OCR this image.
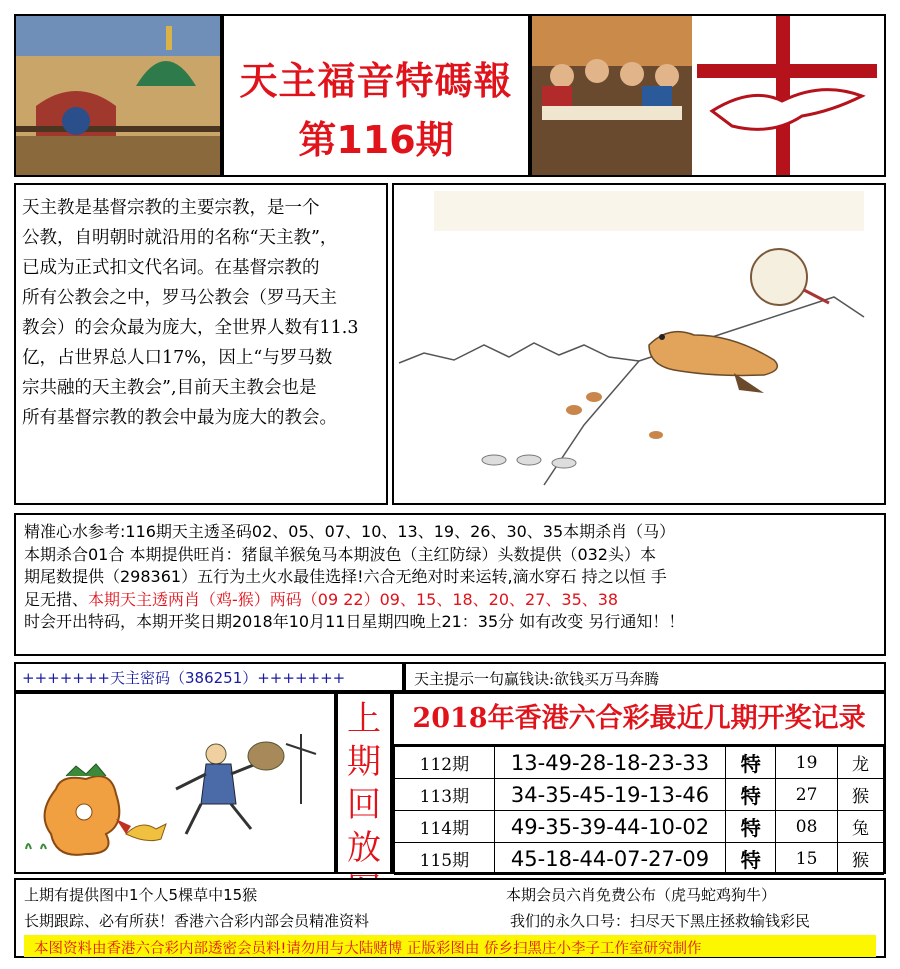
天主福音特碼報
第116期

天主教是基督宗教的主要宗教，是一个

公教，自明朝时就沿用的名称“天主教”，

已成为正式扣文代名词。在基督宗教的

所有公教会之中，罗马公教会（罗马天主

教会）的会众最为庞大，全世界人数有11.3

亿，占世界总人口17%，因上“与罗马数

宗共融的天主教会”,目前天主教会也是

所有基督宗教的教会中最为庞大的教会。

精准心水参考:116期天主透圣码02、05、07、10、13、19、26、30、35本期杀肖（马）
本期杀合01合 本期提供旺肖：猪鼠羊猴兔马本期波色（主红防绿）头数提供（032头）本
期尾数提供（298361）五行为土火水最佳选择!六合无绝对时来运转,滴水穿石 持之以恒 手
足无措、本期天主透两肖（鸡-猴）两码（09 22）09、15、18、20、27、35、38
时会开出特码，本期开奖日期2018年10月11日星期四晚上21：35分 如有改变 另行通知！！
+++++++天主密码（386251）+++++++	天主提示一句赢钱诀:欲钱买万马奔腾
上
期
回
放
2018年香港六合彩最近几期开奖记录
112期	13-49-28-18-23-33	特	19	龙
113期	34-35-45-19-13-46	特	27	猴
114期	49-35-39-44-10-02	特	08	兔
115期	45-18-44-07-27-09	特	15	猴
上期有提供图中1个人5棵草中15猴	本期会员六肖免费公布（虎马蛇鸡狗牛）
长期跟踪、必有所获！香港六合彩内部会员精准资料	我们的永久口号：扫尽天下黑庄拯救输钱彩民
本图资料由香港六合彩内部透密会员料!请勿用与大陆赌博 正版彩图由 侨乡扫黑庄小李子工作室研究制作
